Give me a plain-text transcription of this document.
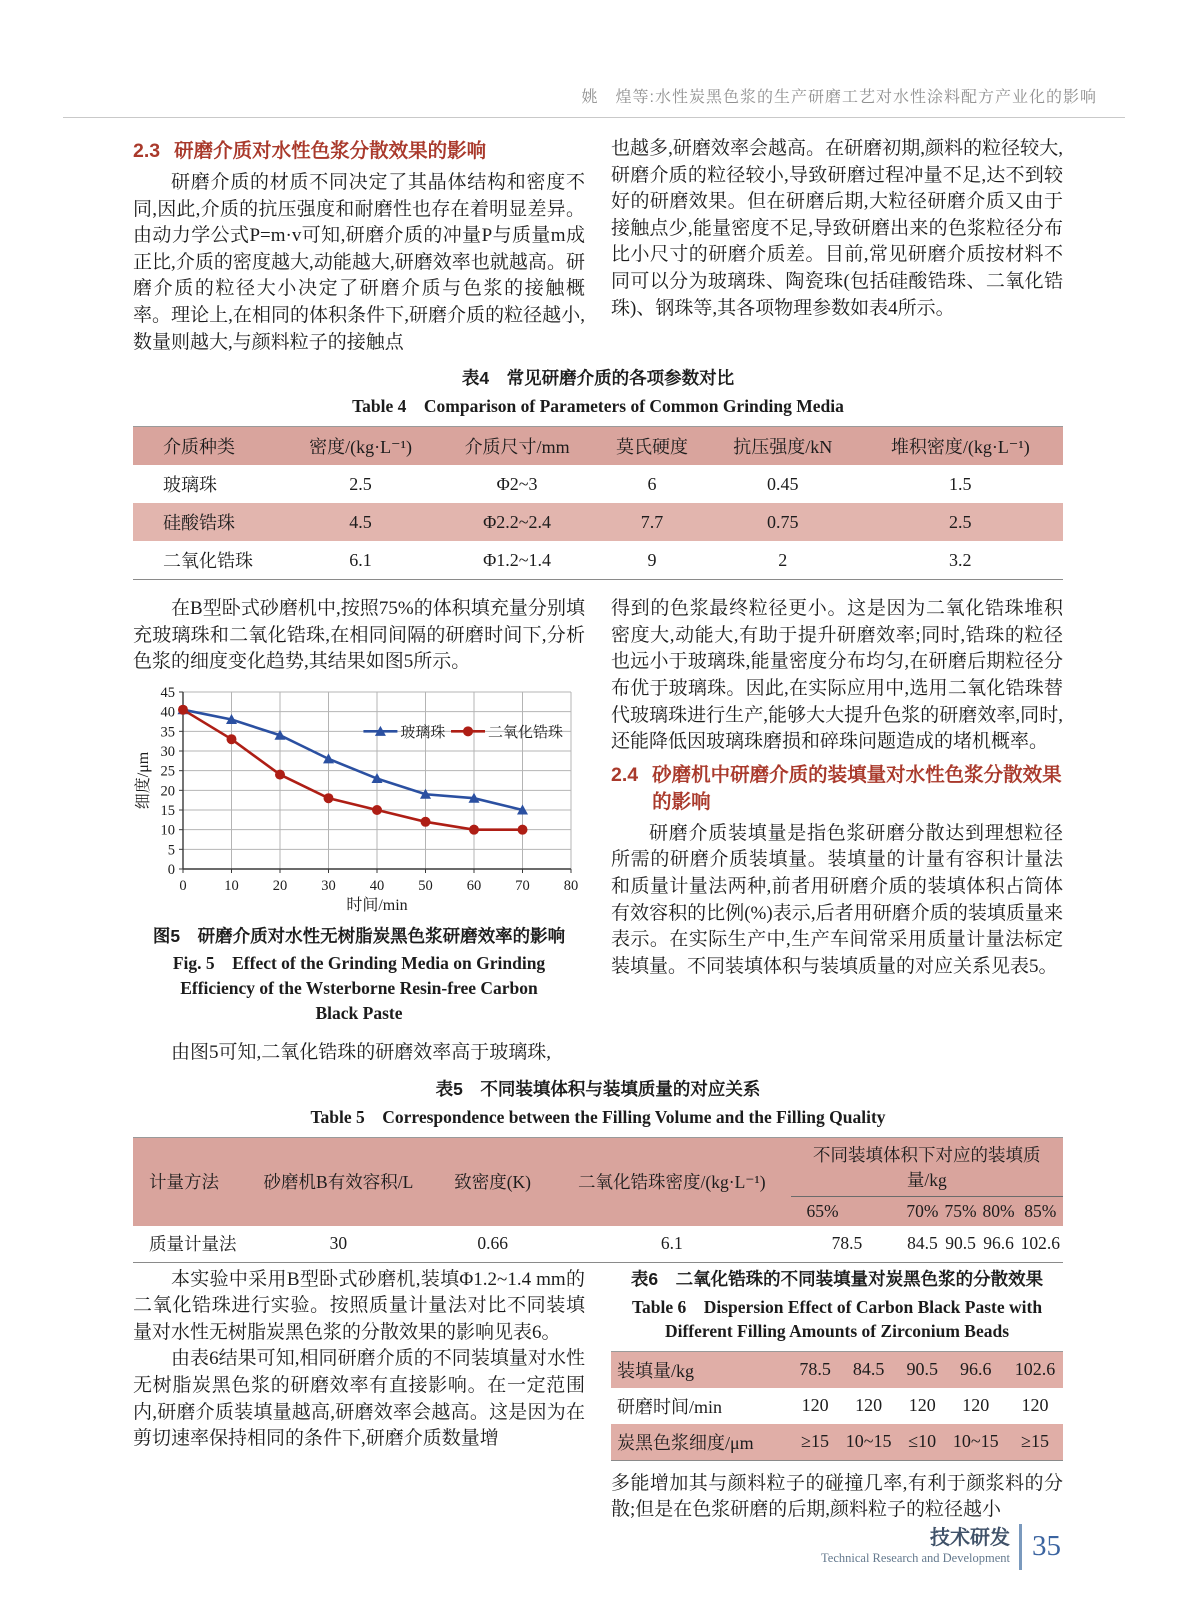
姚　煌等:水性炭黑色浆的生产研磨工艺对水性涂料配方产业化的影响
2.3 研磨介质对水性色浆分散效果的影响

研磨介质的材质不同决定了其晶体结构和密度不同,因此,介质的抗压强度和耐磨性也存在着明显差异。由动力学公式P=m·v可知,研磨介质的冲量P与质量m成正比,介质的密度越大,动能越大,研磨效率也就越高。研磨介质的粒径大小决定了研磨介质与色浆的接触概率。理论上,在相同的体积条件下,研磨介质的粒径越小,数量则越大,与颜料粒子的接触点

也越多,研磨效率会越高。在研磨初期,颜料的粒径较大,研磨介质的粒径较小,导致研磨过程冲量不足,达不到较好的研磨效果。但在研磨后期,大粒径研磨介质又由于接触点少,能量密度不足,导致研磨出来的色浆粒径分布比小尺寸的研磨介质差。目前,常见研磨介质按材料不同可以分为玻璃珠、陶瓷珠(包括硅酸锆珠、二氧化锆珠)、钢珠等,其各项物理参数如表4所示。

表4　常见研磨介质的各项参数对比
Table 4　Comparison of Parameters of Common Grinding Media
介质种类	密度/(kg·L⁻¹)	介质尺寸/mm	莫氏硬度	抗压强度/kN	堆积密度/(kg·L⁻¹)
玻璃珠	2.5	Φ2~3	6	0.45	1.5
硅酸锆珠	4.5	Φ2.2~2.4	7.7	0.75	2.5
二氧化锆珠	6.1	Φ1.2~1.4	9	2	3.2

在B型卧式砂磨机中,按照75%的体积填充量分别填充玻璃珠和二氧化锆珠,在相同间隔的研磨时间下,分析色浆的细度变化趋势,其结果如图5所示。

0
5
10
15
20
25
30
35
40
45
0	10 20 30 40 50 60 70 80
时间/min
细度/μm
玻璃珠	二氧化锆珠
图5　研磨介质对水性无树脂炭黑色浆研磨效率的影响
Fig. 5　Effect of the Grinding Media on Grinding Efficiency of the Wsterborne Resin-free Carbon Black Paste

由图5可知,二氧化锆珠的研磨效率高于玻璃珠,

得到的色浆最终粒径更小。这是因为二氧化锆珠堆积密度大,动能大,有助于提升研磨效率;同时,锆珠的粒径也远小于玻璃珠,能量密度分布均匀,在研磨后期粒径分布优于玻璃珠。因此,在实际应用中,选用二氧化锆珠替代玻璃珠进行生产,能够大大提升色浆的研磨效率,同时,还能降低因玻璃珠磨损和碎珠问题造成的堵机概率。

2.4 砂磨机中研磨介质的装填量对水性色浆分散效果的影响

研磨介质装填量是指色浆研磨分散达到理想粒径所需的研磨介质装填量。装填量的计量有容积计量法和质量计量法两种,前者用研磨介质的装填体积占筒体有效容积的比例(%)表示,后者用研磨介质的装填质量来表示。在实际生产中,生产车间常采用质量计量法标定装填量。不同装填体积与装填质量的对应关系见表5。

表5　不同装填体积与装填质量的对应关系
Table 5　Correspondence between the Filling Volume and the Filling Quality
计量方法	砂磨机B有效容积/L	致密度(K)	二氧化锆珠密度/(kg·L⁻¹)	不同装填体积下对应的装填质量/kg				
				65%	70%	75%	80%	85%
质量计量法	30	0.66	6.1	78.5	84.5	90.5	96.6	102.6

本实验中采用B型卧式砂磨机,装填Φ1.2~1.4 mm的二氧化锆珠进行实验。按照质量计量法对比不同装填量对水性无树脂炭黑色浆的分散效果的影响见表6。

由表6结果可知,相同研磨介质的不同装填量对水性无树脂炭黑色浆的研磨效率有直接影响。在一定范围内,研磨介质装填量越高,研磨效率会越高。这是因为在剪切速率保持相同的条件下,研磨介质数量增

表6　二氧化锆珠的不同装填量对炭黑色浆的分散效果
Table 6　Dispersion Effect of Carbon Black Paste with Different Filling Amounts of Zirconium Beads
装填量/kg	78.5	84.5	90.5	96.6	102.6
研磨时间/min	120	120	120	120	120
炭黑色浆细度/μm	≥15	10~15	≤10	10~15	≥15

多能增加其与颜料粒子的碰撞几率,有利于颜浆料的分散;但是在色浆研磨的后期,颜料粒子的粒径越小

技术研发
Technical Research and Development 35
